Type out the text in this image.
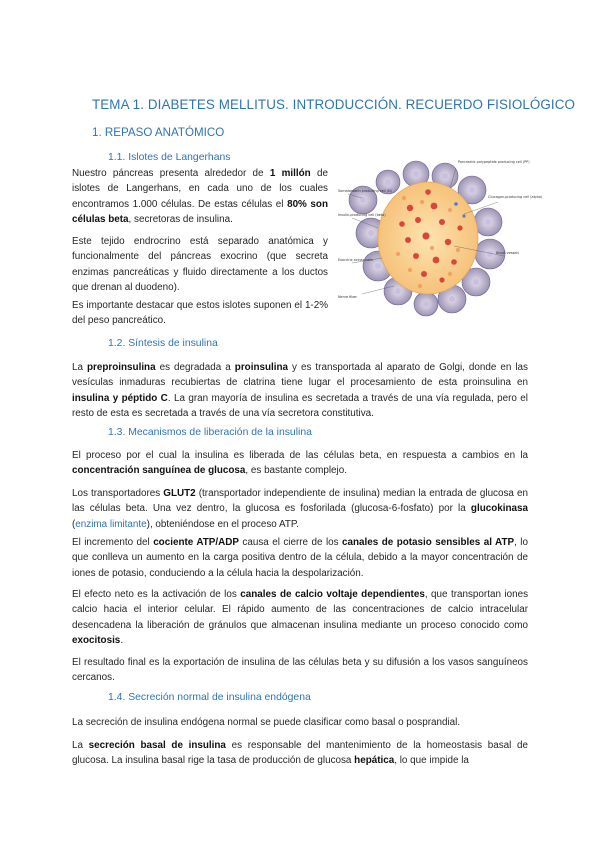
TEMA 1. DIABETES MELLITUS. INTRODUCCIÓN. RECUERDO FISIOLÓGICO
1. REPASO ANATÓMICO
1.1. Islotes de Langerhans

Nuestro páncreas presenta alrededor de 1 millón de islotes de Langerhans, en cada uno de los cuales encontramos 1.000 células. De estas células el 80% son células beta, secretoras de insulina.

Este tejido endrocrino está separado anatómica y funcionalmente del páncreas exocrino (que secreta enzimas pancreáticas y fluido directamente a los ductos que drenan al duodeno).

Es importante destacar que estos islotes suponen el 1-2% del peso pancreático.

Pancreatic polypeptide producing cell (PP)
Somatostatin producing cell (D)
Insulin-producing cell (beta)
Glucagon-producing cell (alpha)
Exocrine acinar cells
Nerve fiber
Blood vessels
1.2. Síntesis de insulina

La preproinsulina es degradada a proinsulina y es transportada al aparato de Golgi, donde en las vesículas inmaduras recubiertas de clatrina tiene lugar el procesamiento de esta proinsulina en insulina y péptido C. La gran mayoría de insulina es secretada a través de una vía regulada, pero el resto de esta es secretada a través de una vía secretora constitutiva.

1.3. Mecanismos de liberación de la insulina

El proceso por el cual la insulina es liberada de las células beta, en respuesta a cambios en la concentración sanguínea de glucosa, es bastante complejo.

Los transportadores GLUT2 (transportador independiente de insulina) median la entrada de glucosa en las células beta. Una vez dentro, la glucosa es fosforilada (glucosa-6-fosfato) por la glucokinasa (enzima limitante), obteniéndose en el proceso ATP.

El incremento del cociente ATP/ADP causa el cierre de los canales de potasio sensibles al ATP, lo que conlleva un aumento en la carga positiva dentro de la célula, debido a la mayor concentración de iones de potasio, conduciendo a la célula hacia la despolarización.

El efecto neto es la activación de los canales de calcio voltaje dependientes, que transportan iones calcio hacia el interior celular. El rápido aumento de las concentraciones de calcio intracelular desencadena la liberación de gránulos que almacenan insulina mediante un proceso conocido como exocitosis.

El resultado final es la exportación de insulina de las células beta y su difusión a los vasos sanguíneos cercanos.

1.4. Secreción normal de insulina endógena

La secreción de insulina endógena normal se puede clasificar como basal o posprandial.

La secreción basal de insulina es responsable del mantenimiento de la homeostasis basal de glucosa. La insulina basal rige la tasa de producción de glucosa hepática, lo que impide la
